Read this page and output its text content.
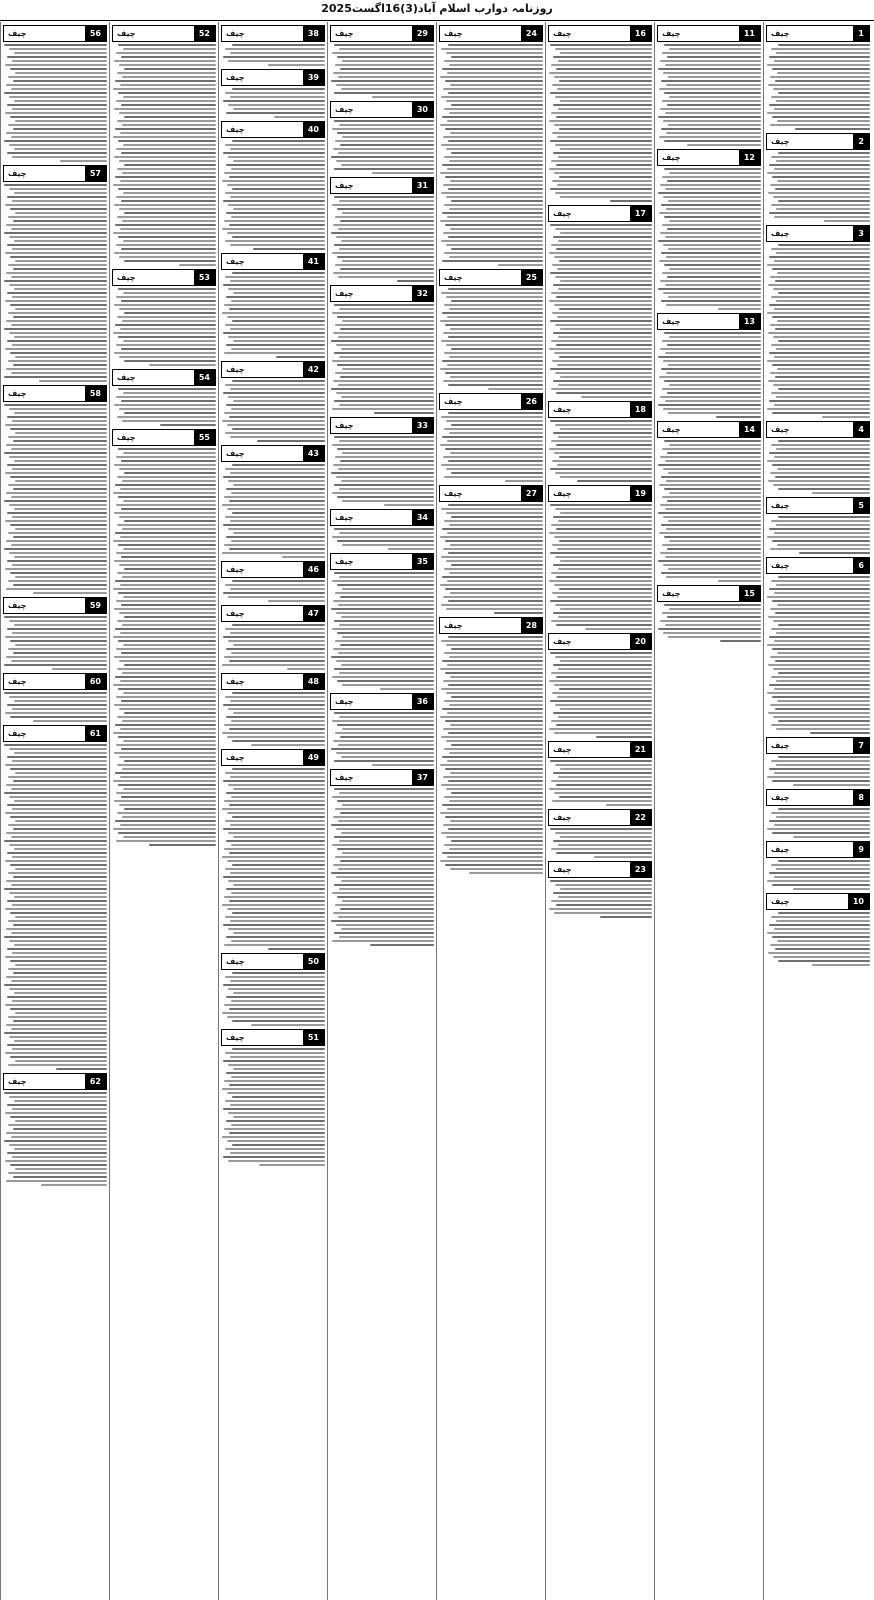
روزنامہ دوارب اسلام آباد(3)16اگست2025
1
چیف
2
چیف
3
چیف
4
چیف
5
چیف
6
چیف
7
چیف
8
چیف
9
چیف
10
چیف
11
چیف
12
چیف
13
چیف
14
چیف
15
چیف
16
چیف
17
چیف
18
چیف
19
چیف
20
چیف
21
چیف
22
چیف
23
چیف
24
چیف
25
چیف
26
چیف
27
چیف
28
چیف
29
چیف
30
چیف
31
چیف
32
چیف
33
چیف
34
چیف
35
چیف
36
چیف
37
چیف
38
چیف
39
چیف
40
چیف
41
چیف
42
چیف
43
چیف
46
چیف
47
چیف
48
چیف
49
چیف
50
چیف
51
چیف
52
چیف
53
چیف
54
چیف
55
چیف
56
چیف
57
چیف
58
چیف
59
چیف
60
چیف
61
چیف
62
چیف
